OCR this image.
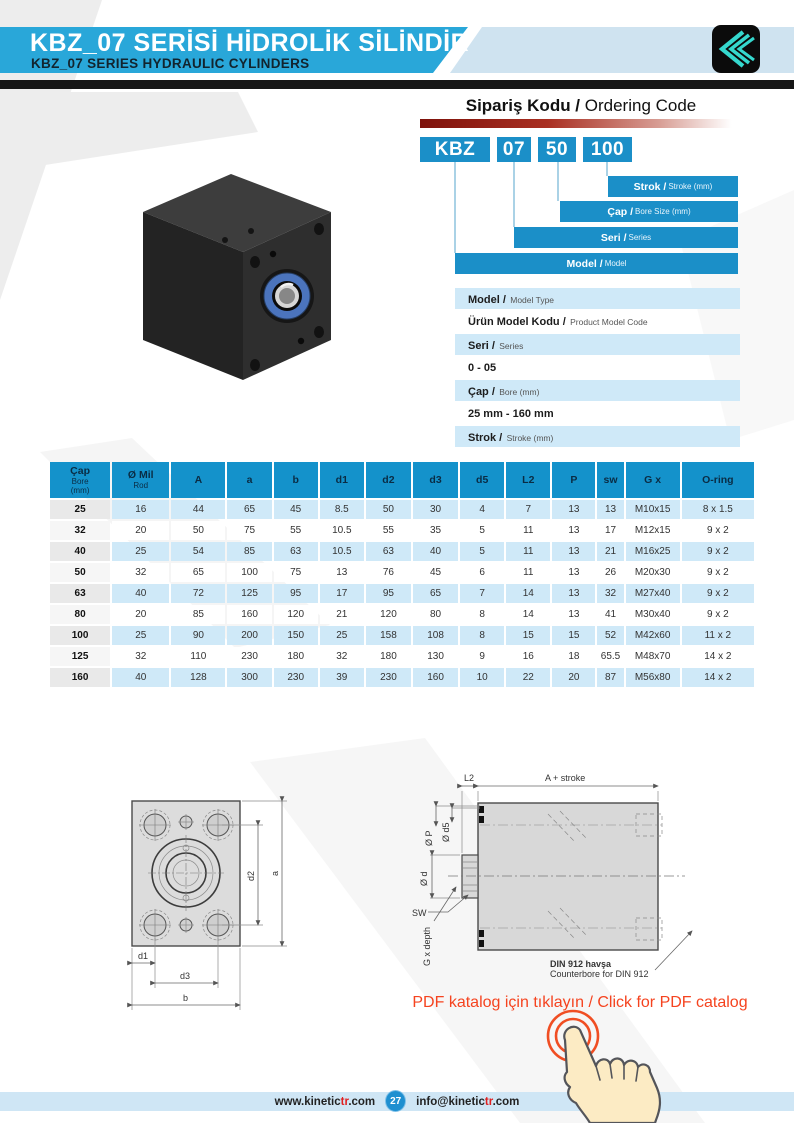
KBZ_07 SERİSİ HİDROLİK SİLİNDİR
KBZ_07 SERIES HYDRAULIC CYLINDERS
Sipariş Kodu / Ordering Code
KBZ	07	50	100
Strok / Stroke (mm)
Çap / Bore Size (mm)
Seri / Series
Model / Model
Model / Model Type
Ürün Model Kodu / Product Model Code
Seri / Series
0 - 05
Çap / Bore (mm)
25 mm - 160 mm
Strok / Stroke (mm)
Çap
Bore
(mm)

Ø Mil
Rod	A	a	b	d1	d2	d3	d5	L2	P	sw	G x	O-ring

25	16	44	65	45	8.5	50	30	4	7	13	13	M10x15	8 x 1.5
32	20	50	75	55	10.5	55	35	5	11	13	17	M12x15	9 x 2
40	25	54	85	63	10.5	63	40	5	11	13	21	M16x25	9 x 2
50	32	65	100	75	13	76	45	6	11	13	26	M20x30	9 x 2
63	40	72	125	95	17	95	65	7	14	13	32	M27x40	9 x 2
80	20	85	160	120	21	120	80	8	14	13	41	M30x40	9 x 2
100	25	90	200	150	25	158	108	8	15	15	52	M42x60	11 x 2
125	32	110	230	180	32	180	130	9	16	18	65.5	M48x70	14 x 2
160	40	128	300	230	39	230	160	10	22	20	87	M56x80	14 x 2
d2 a
d1
d3
b
L2	A + stroke
Ø d5
Ø P
Ø d
SW
G x depth	DIN 912 havşa
Counterbore for DIN 912
PDF katalog için tıklayın / Click for PDF catalog
www.kinetictr.com	27	info@kinetictr.com
